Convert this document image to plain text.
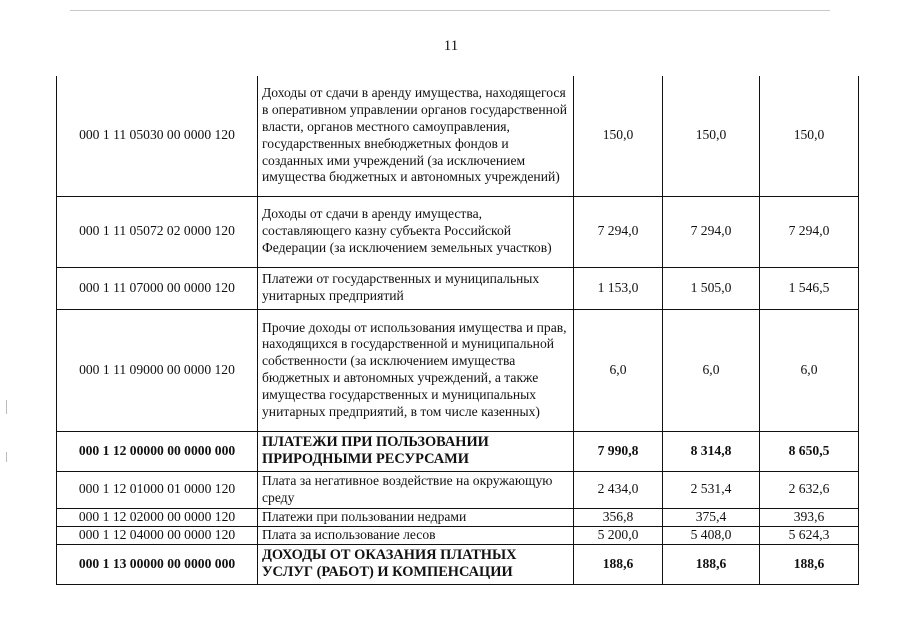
11
000 1 11 05030 00 0000 120	Доходы от сдачи в аренду имущества, находящегося в оперативном управлении органов государственной власти, органов местного самоуправления, государственных внебюджетных фондов и созданных ими учреждений (за исключением имущества бюджетных и автономных учреждений)	150,0	150,0	150,0
000 1 11 05072 02 0000 120	Доходы от сдачи в аренду имущества, составляющего казну субъекта Российской Федерации (за исключением земельных участков)	7 294,0	7 294,0	7 294,0
000 1 11 07000 00 0000 120	Платежи от государственных и муниципальных унитарных предприятий	1 153,0	1 505,0	1 546,5
000 1 11 09000 00 0000 120	Прочие доходы от использования имущества и прав, находящихся в государственной и муниципальной собственности (за исключением имущества бюджетных и автономных учреждений, а также имущества государственных и муниципальных унитарных предприятий, в том числе казенных)	6,0	6,0	6,0
000 1 12 00000 00 0000 000	ПЛАТЕЖИ ПРИ ПОЛЬЗОВАНИИ ПРИРОДНЫМИ РЕСУРСАМИ	7 990,8	8 314,8	8 650,5
000 1 12 01000 01 0000 120	Плата за негативное воздействие на окружающую среду	2 434,0	2 531,4	2 632,6
000 1 12 02000 00 0000 120	Платежи при пользовании недрами	356,8	375,4	393,6
000 1 12 04000 00 0000 120	Плата за использование лесов	5 200,0	5 408,0	5 624,3
000 1 13 00000 00 0000 000	ДОХОДЫ ОТ ОКАЗАНИЯ ПЛАТНЫХ УСЛУГ (РАБОТ) И КОМПЕНСАЦИИ	188,6	188,6	188,6
